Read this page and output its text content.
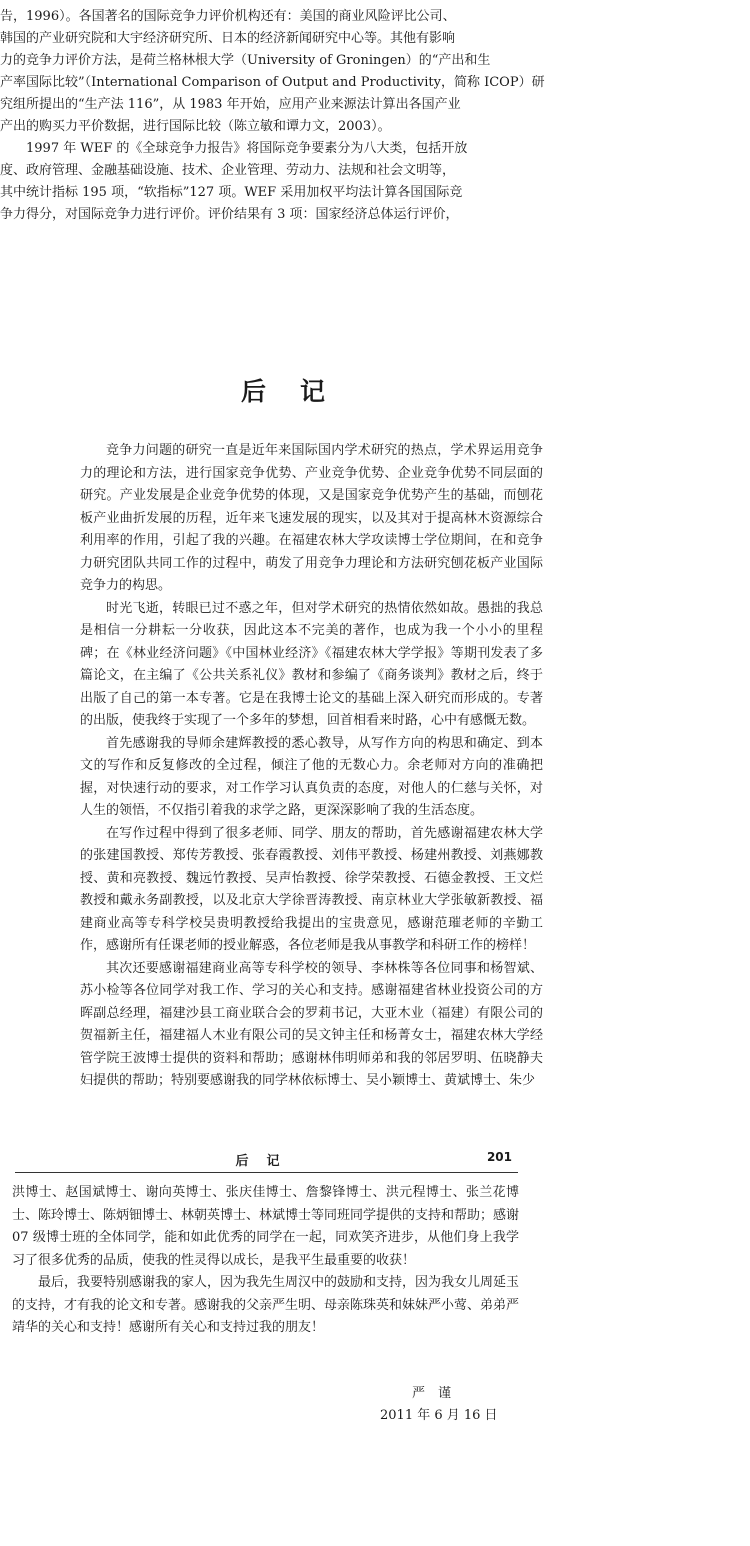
告，1996）。各国著名的国际竞争力评价机构还有：美国的商业风险评比公司、
韩国的产业研究院和大宇经济研究所、日本的经济新闻研究中心等。其他有影响
力的竞争力评价方法，是荷兰格林根大学（University of Groningen）的“产出和生
产率国际比较”（International Comparison of Output and Productivity，简称 ICOP）研
究组所提出的“生产法 116”，从 1983 年开始，应用产业来源法计算出各国产业
产出的购买力平价数据，进行国际比较（陈立敏和谭力文，2003）。
　　1997 年 WEF 的《全球竞争力报告》将国际竞争要素分为八大类，包括开放
度、政府管理、金融基础设施、技术、企业管理、劳动力、法规和社会文明等，
其中统计指标 195 项，“软指标”127 项。WEF 采用加权平均法计算各国国际竞
争力得分，对国际竞争力进行评价。评价结果有 3 项：国家经济总体运行评价，
后记

竞争力问题的研究一直是近年来国际国内学术研究的热点，学术界运用竞争力的理论和方法，进行国家竞争优势、产业竞争优势、企业竞争优势不同层面的研究。产业发展是企业竞争优势的体现，又是国家竞争优势产生的基础，而刨花板产业曲折发展的历程，近年来飞速发展的现实，以及其对于提高林木资源综合利用率的作用，引起了我的兴趣。在福建农林大学攻读博士学位期间，在和竞争力研究团队共同工作的过程中，萌发了用竞争力理论和方法研究刨花板产业国际竞争力的构思。

时光飞逝，转眼已过不惑之年，但对学术研究的热情依然如故。愚拙的我总是相信一分耕耘一分收获，因此这本不完美的著作，也成为我一个小小的里程碑；在《林业经济问题》《中国林业经济》《福建农林大学学报》等期刊发表了多篇论文，在主编了《公共关系礼仪》教材和参编了《商务谈判》教材之后，终于出版了自己的第一本专著。它是在我博士论文的基础上深入研究而形成的。专著的出版，使我终于实现了一个多年的梦想，回首相看来时路，心中有感慨无数。

首先感谢我的导师余建辉教授的悉心教导，从写作方向的构思和确定、到本文的写作和反复修改的全过程，倾注了他的无数心力。余老师对方向的准确把握，对快速行动的要求，对工作学习认真负责的态度，对他人的仁慈与关怀，对人生的领悟，不仅指引着我的求学之路，更深深影响了我的生活态度。

在写作过程中得到了很多老师、同学、朋友的帮助，首先感谢福建农林大学的张建国教授、郑传芳教授、张春霞教授、刘伟平教授、杨建州教授、刘燕娜教授、黄和亮教授、魏远竹教授、吴声怡教授、徐学荣教授、石德金教授、王文烂教授和戴永务副教授，以及北京大学徐晋涛教授、南京林业大学张敏新教授、福建商业高等专科学校吴贵明教授给我提出的宝贵意见，感谢范璀老师的辛勤工作，感谢所有任课老师的授业解惑，各位老师是我从事教学和科研工作的榜样！

其次还要感谢福建商业高等专科学校的领导、李林株等各位同事和杨智斌、苏小检等各位同学对我工作、学习的关心和支持。感谢福建省林业投资公司的方晖副总经理，福建沙县工商业联合会的罗莉书记，大亚木业（福建）有限公司的贺福新主任，福建福人木业有限公司的吴文钟主任和杨菁女士，福建农林大学经管学院王波博士提供的资料和帮助；感谢林伟明师弟和我的邻居罗明、伍晓静夫妇提供的帮助；特别要感谢我的同学林依标博士、吴小颖博士、黄斌博士、朱少

后记	201

洪博士、赵国斌博士、谢向英博士、张庆佳博士、詹黎锋博士、洪元程博士、张兰花博士、陈玲博士、陈炳钿博士、林朝英博士、林斌博士等同班同学提供的支持和帮助；感谢 07 级博士班的全体同学，能和如此优秀的同学在一起，同欢笑齐进步，从他们身上我学习了很多优秀的品质，使我的性灵得以成长，是我平生最重要的收获！

最后，我要特别感谢我的家人，因为我先生周汉中的鼓励和支持，因为我女儿周延玉的支持，才有我的论文和专著。感谢我的父亲严生明、母亲陈珠英和妹妹严小莺、弟弟严靖华的关心和支持！感谢所有关心和支持过我的朋友！

严　谨
2011 年 6 月 16 日
